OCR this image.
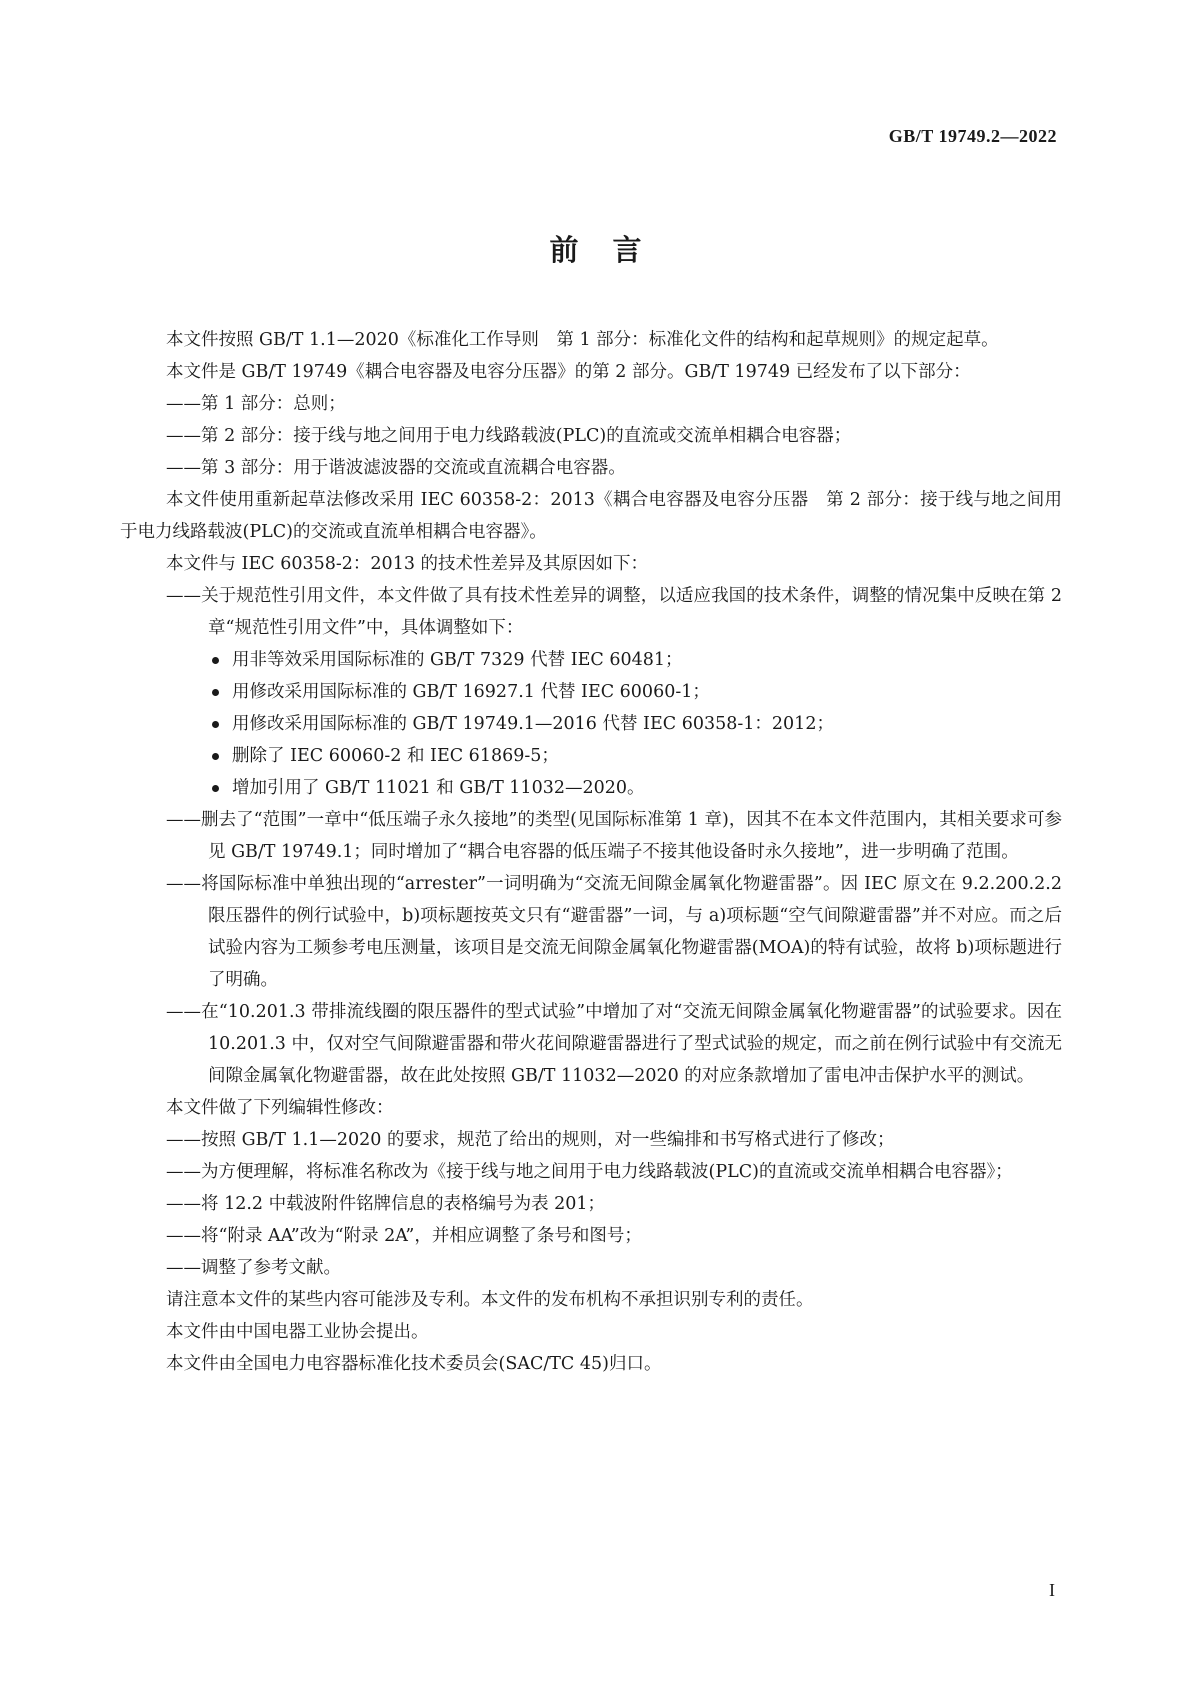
GB/T 19749.2—2022
前言

本文件按照 GB/T 1.1—2020《标准化工作导则　第 1 部分：标准化文件的结构和起草规则》的规定起草。

本文件是 GB/T 19749《耦合电容器及电容分压器》的第 2 部分。GB/T 19749 已经发布了以下部分：

——第 1 部分：总则；

——第 2 部分：接于线与地之间用于电力线路载波(PLC)的直流或交流单相耦合电容器；

——第 3 部分：用于谐波滤波器的交流或直流耦合电容器。

本文件使用重新起草法修改采用 IEC 60358-2：2013《耦合电容器及电容分压器　第 2 部分：接于线与地之间用于电力线路载波(PLC)的交流或直流单相耦合电容器》。

本文件与 IEC 60358-2：2013 的技术性差异及其原因如下：

——关于规范性引用文件，本文件做了具有技术性差异的调整，以适应我国的技术条件，调整的情况集中反映在第 2 章“规范性引用文件”中，具体调整如下：

用非等效采用国际标准的 GB/T 7329 代替 IEC 60481；
用修改采用国际标准的 GB/T 16927.1 代替 IEC 60060-1；
用修改采用国际标准的 GB/T 19749.1—2016 代替 IEC 60358-1：2012；
删除了 IEC 60060-2 和 IEC 61869-5；
增加引用了 GB/T 11021 和 GB/T 11032—2020。

——删去了“范围”一章中“低压端子永久接地”的类型(见国际标准第 1 章)，因其不在本文件范围内，其相关要求可参见 GB/T 19749.1；同时增加了“耦合电容器的低压端子不接其他设备时永久接地”，进一步明确了范围。

——将国际标准中单独出现的“arrester”一词明确为“交流无间隙金属氧化物避雷器”。因 IEC 原文在 9.2.200.2.2 限压器件的例行试验中，b)项标题按英文只有“避雷器”一词，与 a)项标题“空气间隙避雷器”并不对应。而之后试验内容为工频参考电压测量，该项目是交流无间隙金属氧化物避雷器(MOA)的特有试验，故将 b)项标题进行了明确。

——在“10.201.3 带排流线圈的限压器件的型式试验”中增加了对“交流无间隙金属氧化物避雷器”的试验要求。因在 10.201.3 中，仅对空气间隙避雷器和带火花间隙避雷器进行了型式试验的规定，而之前在例行试验中有交流无间隙金属氧化物避雷器，故在此处按照 GB/T 11032—2020 的对应条款增加了雷电冲击保护水平的测试。

本文件做了下列编辑性修改：

——按照 GB/T 1.1—2020 的要求，规范了给出的规则，对一些编排和书写格式进行了修改；

——为方便理解，将标准名称改为《接于线与地之间用于电力线路载波(PLC)的直流或交流单相耦合电容器》；

——将 12.2 中载波附件铭牌信息的表格编号为表 201；

——将“附录 AA”改为“附录 2A”，并相应调整了条号和图号；

——调整了参考文献。

请注意本文件的某些内容可能涉及专利。本文件的发布机构不承担识别专利的责任。

本文件由中国电器工业协会提出。

本文件由全国电力电容器标准化技术委员会(SAC/TC 45)归口。

I
